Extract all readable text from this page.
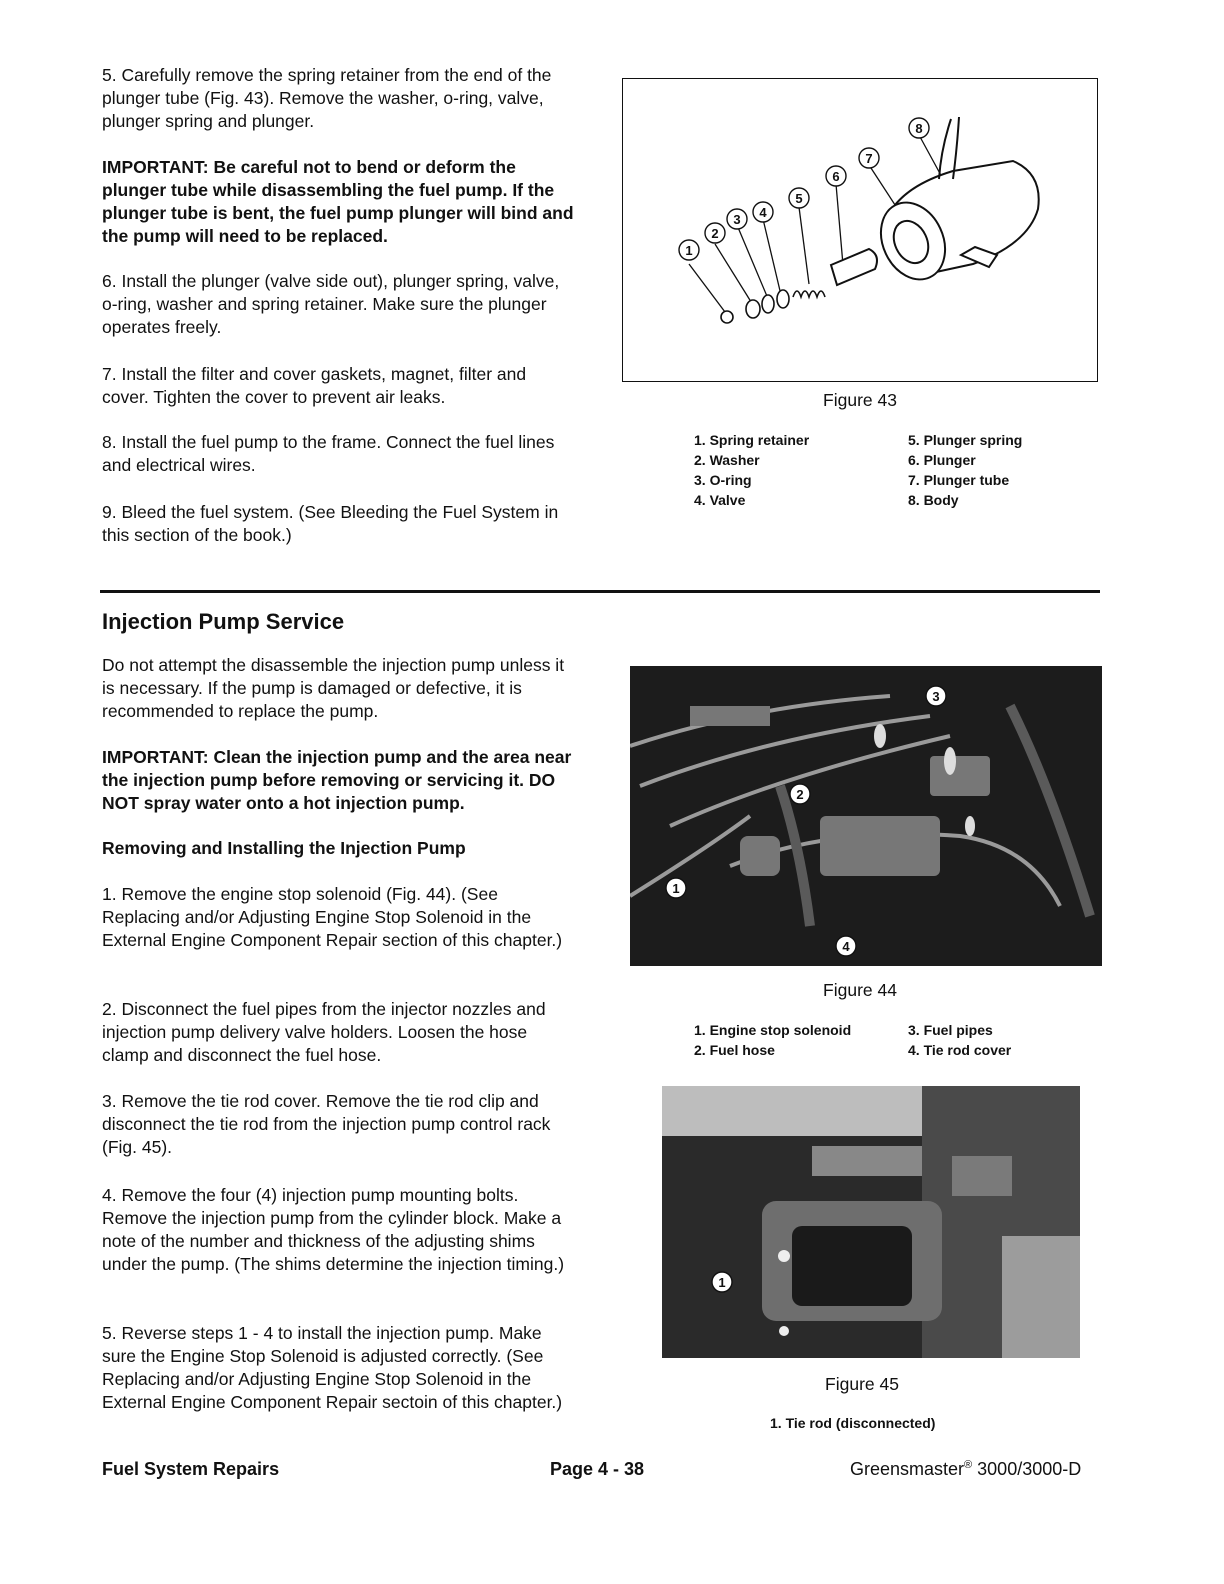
5. Carefully remove the spring retainer from the end of the plunger tube (Fig. 43). Remove the washer, o-ring, valve, plunger spring and plunger.

IMPORTANT: Be careful not to bend or deform the plunger tube while disassembling the fuel pump. If the plunger tube is bent, the fuel pump plunger will bind and the pump will need to be replaced.

6. Install the plunger (valve side out), plunger spring, valve, o-ring, washer and spring retainer. Make sure the plunger operates freely.

7. Install the filter and cover gaskets, magnet, filter and cover. Tighten the cover to prevent air leaks.

8. Install the fuel pump to the frame. Connect the fuel lines and electrical wires.

9. Bleed the fuel system. (See Bleeding the Fuel System in this section of the book.)

1
2
3 4
5
6
7
8
Figure 43
1. Spring retainer
2. Washer
3. O-ring
4. Valve
5. Plunger spring
6. Plunger
7. Plunger tube
8. Body
Injection Pump Service

Do not attempt the disassemble the injection pump unless it is necessary. If the pump is damaged or defective, it is recommended to replace the pump.

IMPORTANT: Clean the injection pump and the area near the injection pump before removing or servicing it. DO NOT spray water onto a hot injection pump.

Removing and Installing the Injection Pump

1. Remove the engine stop solenoid (Fig. 44). (See Replacing and/or Adjusting Engine Stop Solenoid in the External Engine Component Repair section of this chapter.)

2. Disconnect the fuel pipes from the injector nozzles and injection pump delivery valve holders. Loosen the hose clamp and disconnect the fuel hose.

3. Remove the tie rod cover. Remove the tie rod clip and disconnect the tie rod from the injection pump control rack (Fig. 45).

4. Remove the four (4) injection pump mounting bolts. Remove the injection pump from the cylinder block. Make a note of the number and thickness of the adjusting shims under the pump. (The shims determine the injection timing.)

5. Reverse steps 1 - 4 to install the injection pump. Make sure the Engine Stop Solenoid is adjusted correctly. (See Replacing and/or Adjusting Engine Stop Solenoid in the External Engine Component Repair sectoin of this chapter.)

1
2
3
4
Figure 44
1. Engine stop solenoid
2. Fuel hose
3. Fuel pipes
4. Tie rod cover
1
Figure 45
1. Tie rod (disconnected)
Fuel System Repairs	Page 4 - 38	Greensmaster® 3000/3000-D
